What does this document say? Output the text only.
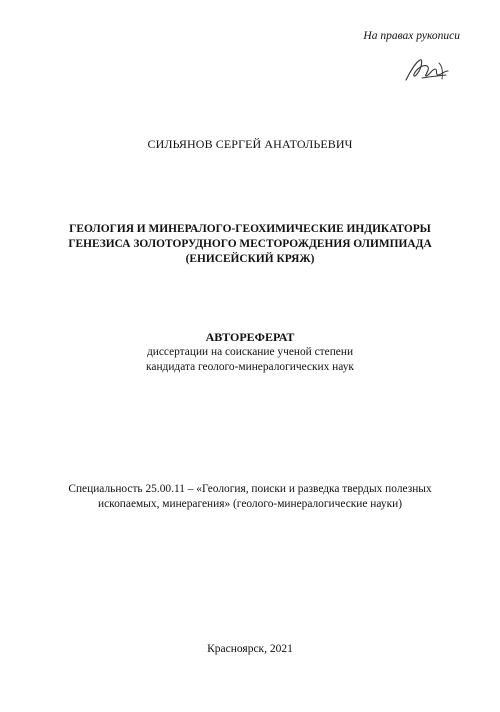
На правах рукописи
СИЛЬЯНОВ СЕРГЕЙ АНАТОЛЬЕВИЧ
ГЕОЛОГИЯ И МИНЕРАЛОГО-ГЕОХИМИЧЕСКИЕ ИНДИКАТОРЫ
ГЕНЕЗИСА ЗОЛОТОРУДНОГО МЕСТОРОЖДЕНИЯ ОЛИМПИАДА
(ЕНИСЕЙСКИЙ КРЯЖ)
АВТОРЕФЕРАТ
диссертации на соискание ученой степени
кандидата геолого-минералогических наук
Специальность 25.00.11 – «Геология, поиски и разведка твердых полезных
ископаемых, минерагения» (геолого-минералогические науки)
Красноярск, 2021
